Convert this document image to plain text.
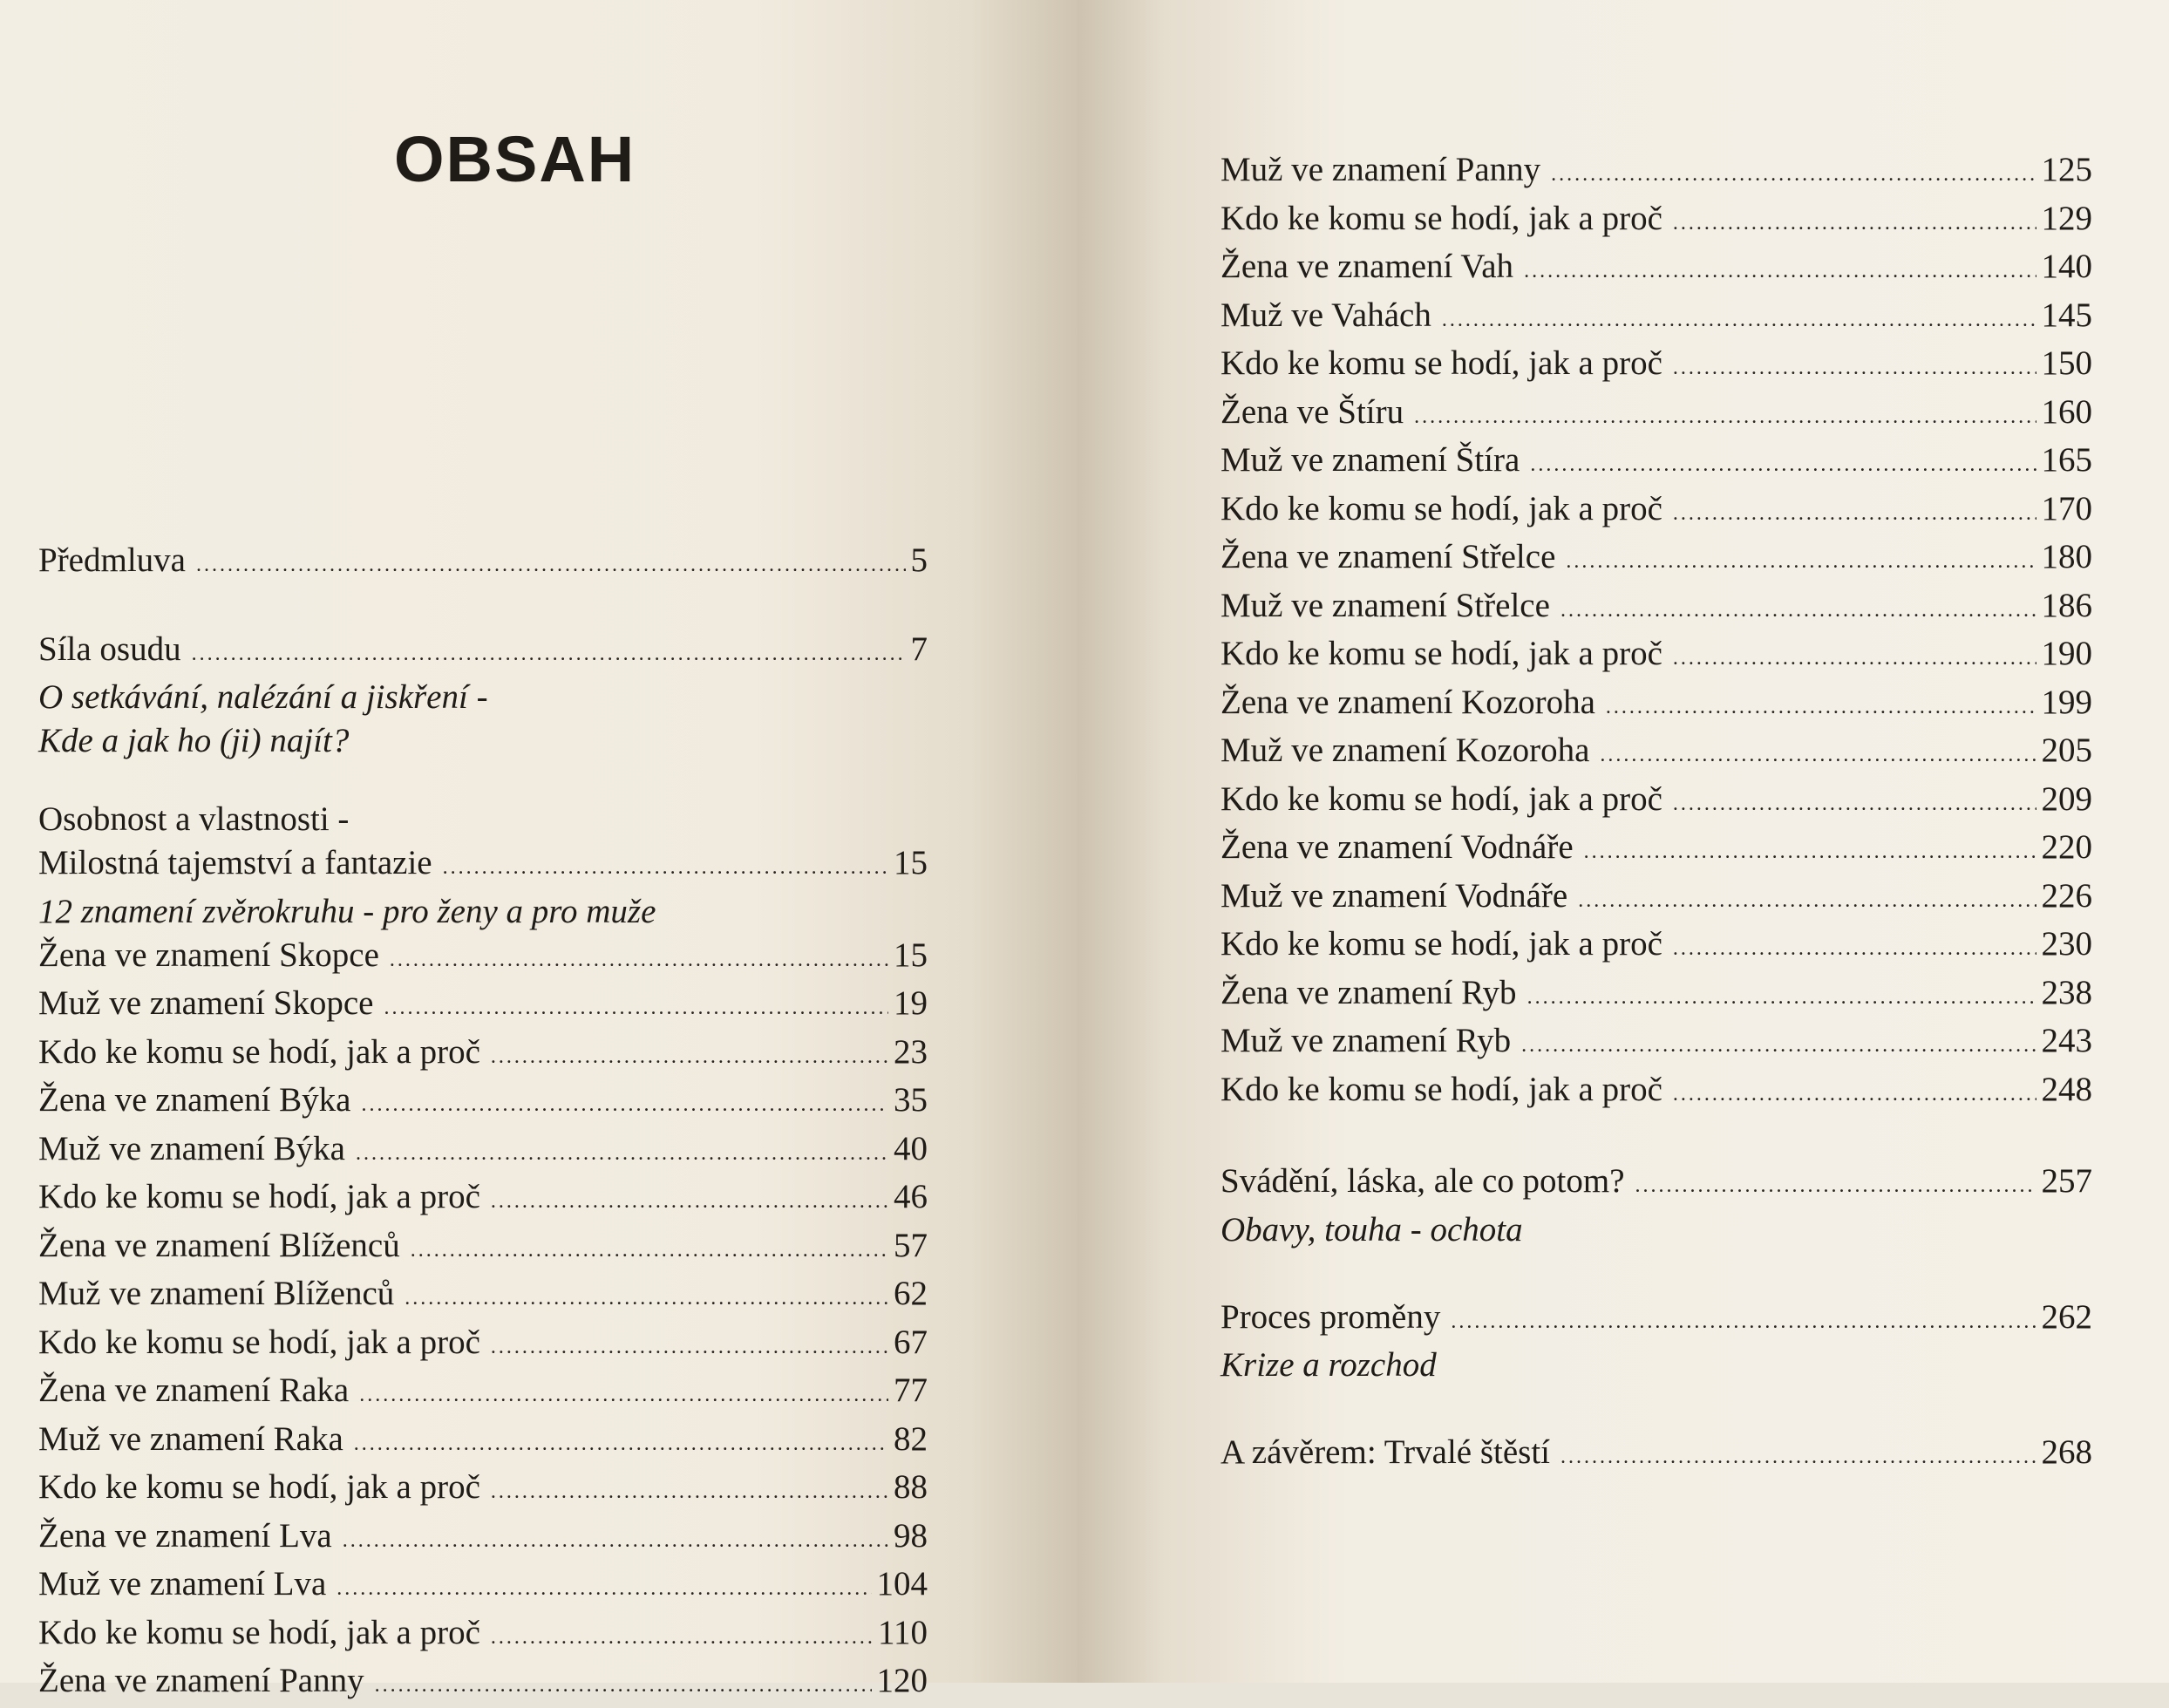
OBSAH
Předmluva .....	5
Síla osudu .....	7
O setkávání, nalézání a jiskření -
Kde a jak ho (ji) najít?
Osobnost a vlastnosti -
Milostná tajemství a fantazie .....	15
12 znamení zvěrokruhu - pro ženy a pro muže
Žena ve znamení Skopce .....	15
Muž ve znamení Skopce .....	19
Kdo ke komu se hodí, jak a proč .....	23
Žena ve znamení Býka .....	35
Muž ve znamení Býka .....	40
Kdo ke komu se hodí, jak a proč .....	46
Žena ve znamení Blíženců .....	57
Muž ve znamení Blíženců .....	62
Kdo ke komu se hodí, jak a proč .....	67
Žena ve znamení Raka .....	77
Muž ve znamení Raka .....	82
Kdo ke komu se hodí, jak a proč .....	88
Žena ve znamení Lva .....	98
Muž ve znamení Lva .....	104
Kdo ke komu se hodí, jak a proč .....	110
Žena ve znamení Panny .....	120
Muž ve znamení Panny .....	125
Kdo ke komu se hodí, jak a proč .....	129
Žena ve znamení Vah .....	140
Muž ve Vahách .....	145
Kdo ke komu se hodí, jak a proč .....	150
Žena ve Štíru .....	160
Muž ve znamení Štíra .....	165
Kdo ke komu se hodí, jak a proč .....	170
Žena ve znamení Střelce .....	180
Muž ve znamení Střelce .....	186
Kdo ke komu se hodí, jak a proč .....	190
Žena ve znamení Kozoroha .....	199
Muž ve znamení Kozoroha .....	205
Kdo ke komu se hodí, jak a proč .....	209
Žena ve znamení Vodnáře .....	220
Muž ve znamení Vodnáře .....	226
Kdo ke komu se hodí, jak a proč .....	230
Žena ve znamení Ryb .....	238
Muž ve znamení Ryb .....	243
Kdo ke komu se hodí, jak a proč .....	248
Svádění, láska, ale co potom? .....	257
Obavy, touha - ochota
Proces proměny .....	262
Krize a rozchod
A závěrem: Trvalé štěstí .....	268
